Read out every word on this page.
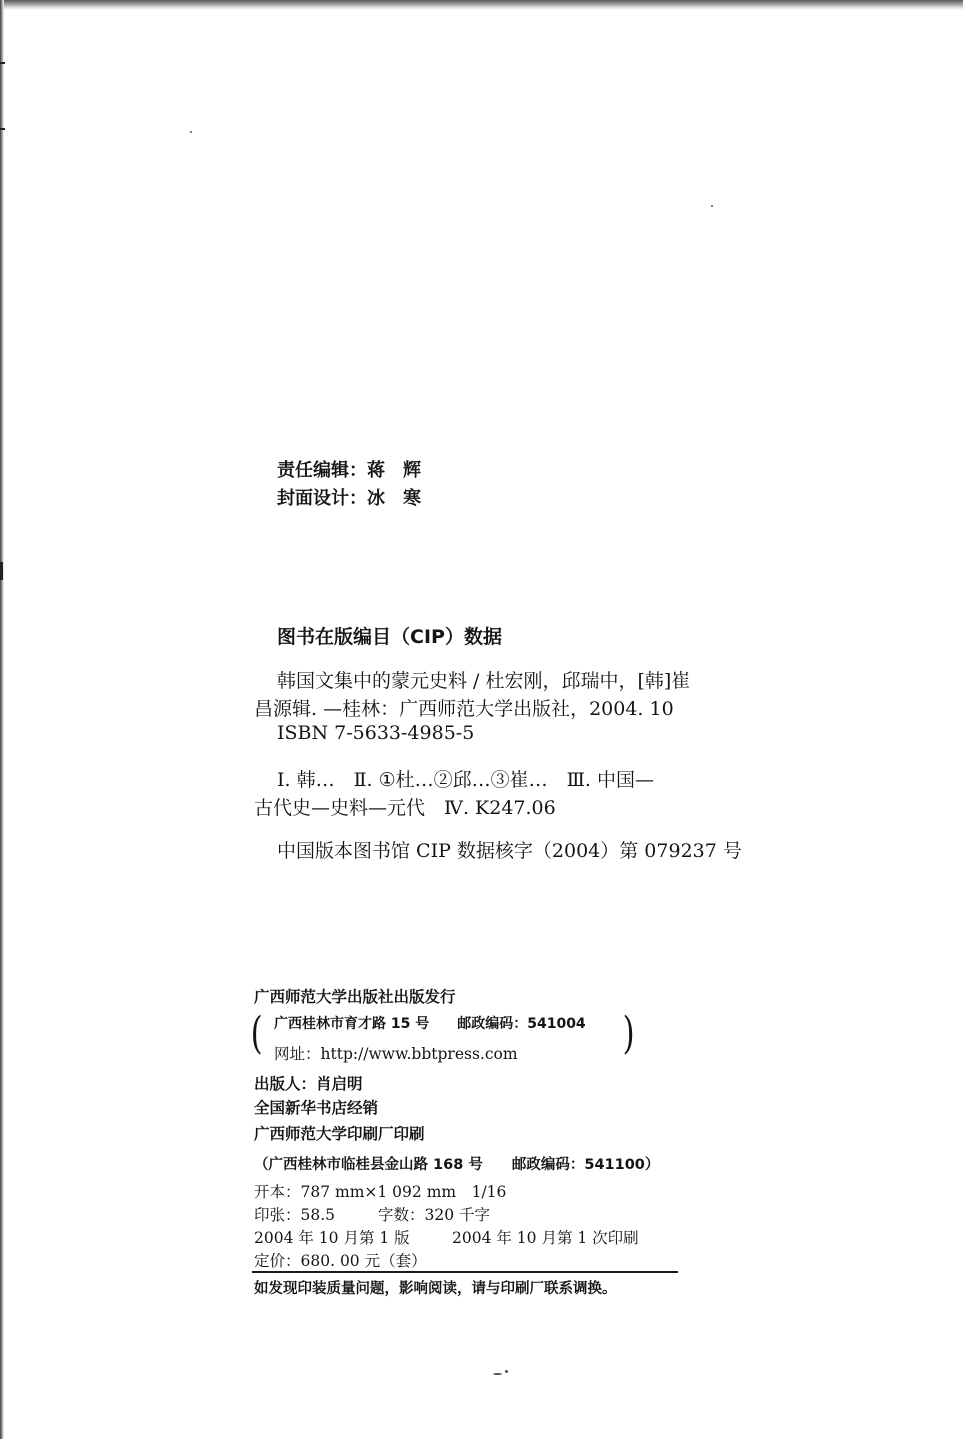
责任编辑：蒋　辉
封面设计：冰　寒
图书在版编目（CIP）数据
韩国文集中的蒙元史料 / 杜宏刚，邱瑞中，[韩]崔
昌源辑. —桂林：广西师范大学出版社，2004. 10
ISBN 7-5633-4985-5
Ⅰ. 韩…　Ⅱ. ①杜…②邱…③崔…　Ⅲ. 中国—
古代史—史料—元代　Ⅳ. K247.06
中国版本图书馆 CIP 数据核字（2004）第 079237 号
广西师范大学出版社出版发行
( 广西桂林市育才路 15 号　　邮政编码：541004
网址：http://www.bbtpress.com )
出版人：肖启明
全国新华书店经销
广西师范大学印刷厂印刷
（广西桂林市临桂县金山路 168 号　　邮政编码：541100）
开本：787 mm×1 092 mm　1/16
印张：58.5	字数：320 千字
2004 年 10 月第 1 版	2004 年 10 月第 1 次印刷
定价：680. 00 元（套）
如发现印装质量问题，影响阅读，请与印刷厂联系调换。
